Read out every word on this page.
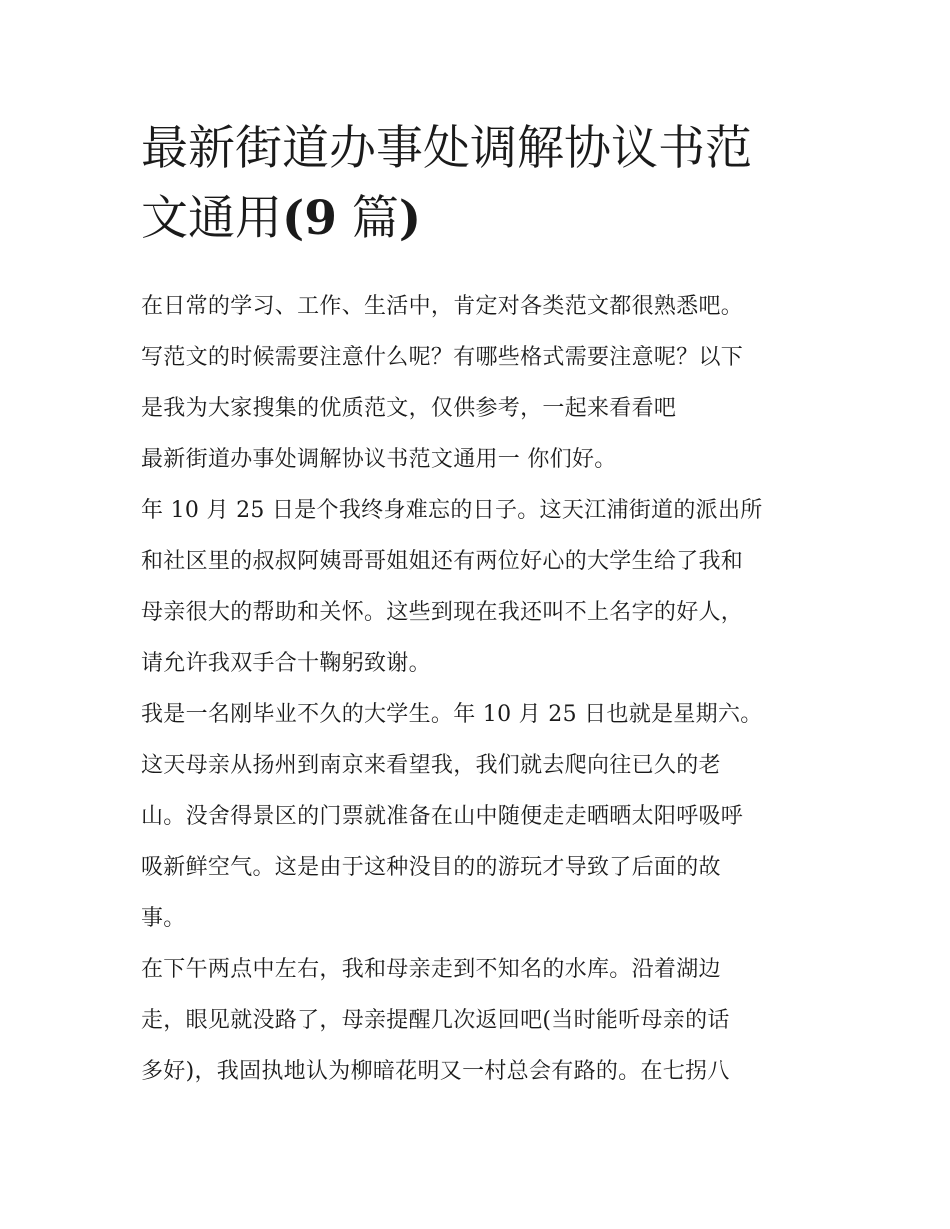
最新街道办事处调解协议书范
文通用(9 篇)

在日常的学习、工作、生活中，肯定对各类范文都很熟悉吧。

写范文的时候需要注意什么呢？有哪些格式需要注意呢？以下

是我为大家搜集的优质范文，仅供参考，一起来看看吧

最新街道办事处调解协议书范文通用一 你们好。

年 10 月 25 日是个我终身难忘的日子。这天江浦街道的派出所

和社区里的叔叔阿姨哥哥姐姐还有两位好心的大学生给了我和

母亲很大的帮助和关怀。这些到现在我还叫不上名字的好人，

请允许我双手合十鞠躬致谢。

我是一名刚毕业不久的大学生。年 10 月 25 日也就是星期六。

这天母亲从扬州到南京来看望我，我们就去爬向往已久的老

山。没舍得景区的门票就准备在山中随便走走晒晒太阳呼吸呼

吸新鲜空气。这是由于这种没目的的游玩才导致了后面的故

事。

在下午两点中左右，我和母亲走到不知名的水库。沿着湖边

走，眼见就没路了，母亲提醒几次返回吧(当时能听母亲的话

多好)，我固执地认为柳暗花明又一村总会有路的。在七拐八
